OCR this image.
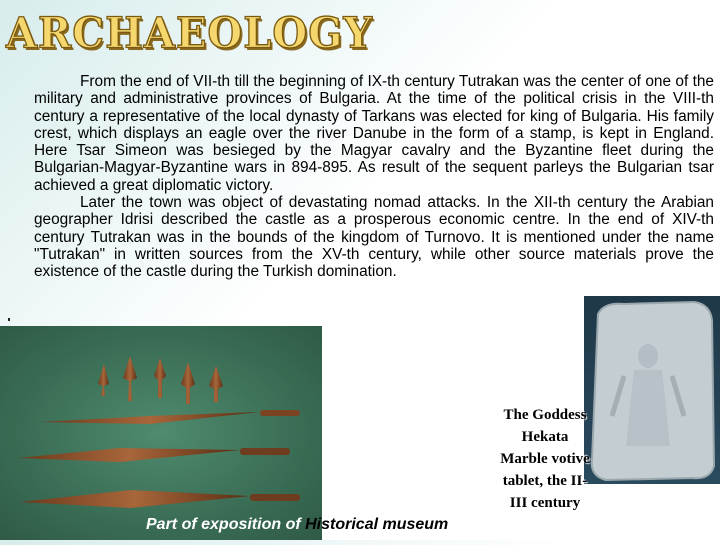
ARCHAEOLOGY

From the end of VII-th till the beginning of IX-th century Tutrakan was the center of one of the military and administrative provinces of Bulgaria. At the time of the political crisis in the VIII-th century a representative of the local dynasty of Tarkans was elected for king of Bulgaria. His family crest, which displays an eagle over the river Danube in the form of a stamp, is kept in England. Here Tsar Simeon was besieged by the Magyar cavalry and the Byzantine fleet during the Bulgarian-Magyar-Byzantine wars in 894-895. As result of the sequent parleys the Bulgarian tsar achieved a great diplomatic victory.

Later the town was object of devastating nomad attacks. In the XII-th century the Arabian geographer Idrisi described the castle as a prosperous economic centre. In the end of XIV-th century Tutrakan was in the bounds of the kingdom of Turnovo. It is mentioned under the name "Tutrakan" in written sources from the XV-th century, while other source materials prove the existence of the castle during the Turkish domination.

The Goddess
Hekata
Marble votive
tablet, the II-
III century
Part of exposition of Historical museum
